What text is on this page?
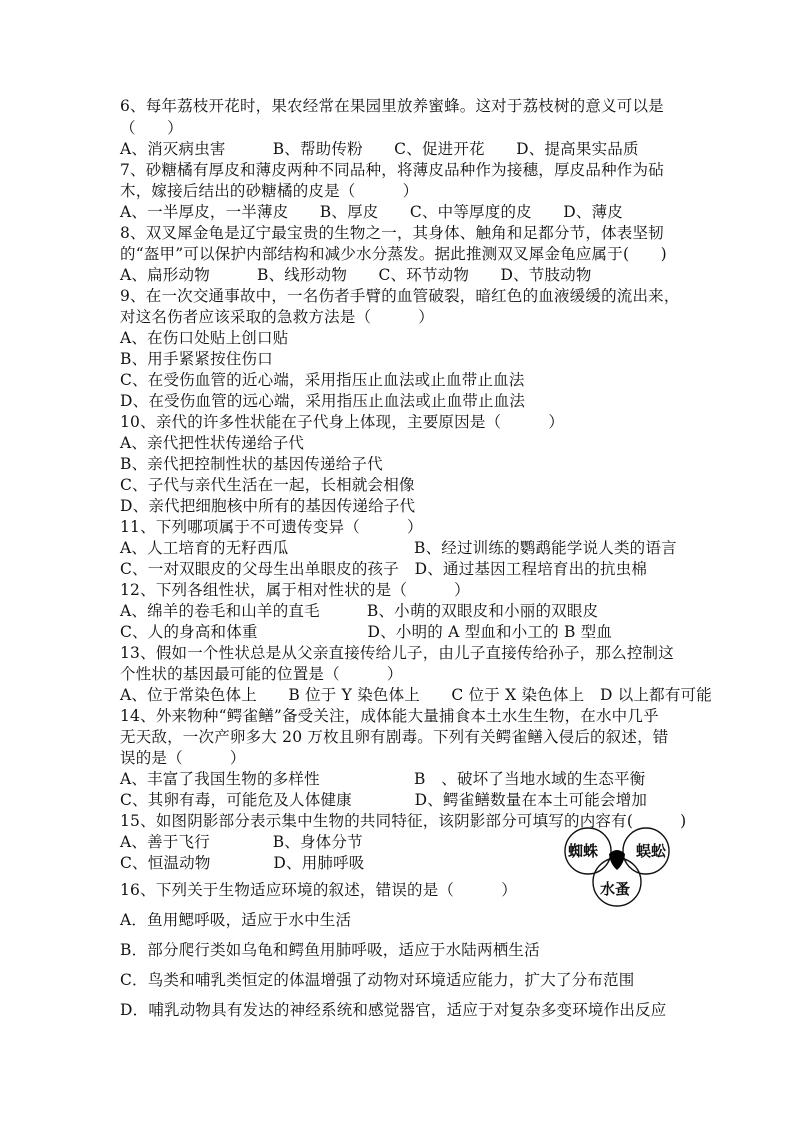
6、每年荔枝开花时，果农经常在果园里放养蜜蜂。这对于荔枝树的意义可以是
（　　）
A、消灭病虫害　　　B、帮助传粉　　C、促进开花　　D、提高果实品质
7、砂糖橘有厚皮和薄皮两种不同品种，将薄皮品种作为接穗，厚皮品种作为砧
木，嫁接后结出的砂糖橘的皮是（　　　）
A、一半厚皮，一半薄皮　　B、厚皮　　C、中等厚度的皮　　D、薄皮
8、双叉犀金龟是辽宁最宝贵的生物之一，其身体、触角和足都分节，体表坚韧
的“盔甲”可以保护内部结构和减少水分蒸发。据此推测双叉犀金龟应属于(　　)
A、扁形动物　　　B、线形动物　　C、环节动物　　D、节肢动物
9、在一次交通事故中，一名伤者手臂的血管破裂，暗红色的血液缓缓的流出来，
对这名伤者应该采取的急救方法是（　　　）
A、在伤口处贴上创口贴
B、用手紧紧按住伤口
C、在受伤血管的近心端，采用指压止血法或止血带止血法
D、在受伤血管的远心端，采用指压止血法或止血带止血法
10、亲代的许多性状能在子代身上体现，主要原因是（　　　）
A、亲代把性状传递给子代
B、亲代把控制性状的基因传递给子代
C、子代与亲代生活在一起，长相就会相像
D、亲代把细胞核中所有的基因传递给子代
11、下列哪项属于不可遗传变异（　　　）
A、人工培育的无籽西瓜　　　　　　　　B、经过训练的鹦鹉能学说人类的语言
C、一对双眼皮的父母生出单眼皮的孩子　D、通过基因工程培育出的抗虫棉
12、下列各组性状，属于相对性状的是（　　　）
A、绵羊的卷毛和山羊的直毛　　　B、小萌的双眼皮和小丽的双眼皮
C、人的身高和体重　　　　　　　D、小明的 A 型血和小工的 B 型血
13、假如一个性状总是从父亲直接传给儿子，由儿子直接传给孙子，那么控制这
个性状的基因最可能的位置是（　　　）
A、位于常染色体上　　B 位于 Y 染色体上　　C 位于 X 染色体上　D 以上都有可能
14、外来物种“鳄雀鳝”备受关注，成体能大量捕食本土水生生物，在水中几乎
无天敌，一次产卵多大 20 万枚且卵有剧毒。下列有关鳄雀鳝入侵后的叙述，错
误的是（　　　）
A、丰富了我国生物的多样性　　　　　　B　、破坏了当地水域的生态平衡
C、其卵有毒，可能危及人体健康　　　　D、鳄雀鳝数量在本土可能会增加
15、如图阴影部分表示集中生物的共同特征，该阴影部分可填写的内容有(　　　)
A、善于飞行　　　　B、身体分节
C、恒温动物　　　　D、用肺呼吸
16、下列关于生物适应环境的叙述，错误的是（　　　）
A．鱼用鳃呼吸，适应于水中生活
B．部分爬行类如乌龟和鳄鱼用肺呼吸，适应于水陆两栖生活
C．鸟类和哺乳类恒定的体温增强了动物对环境适应能力，扩大了分布范围
D．哺乳动物具有发达的神经系统和感觉器官，适应于对复杂多变环境作出反应
蜘蛛	蜈蚣
水蚤
